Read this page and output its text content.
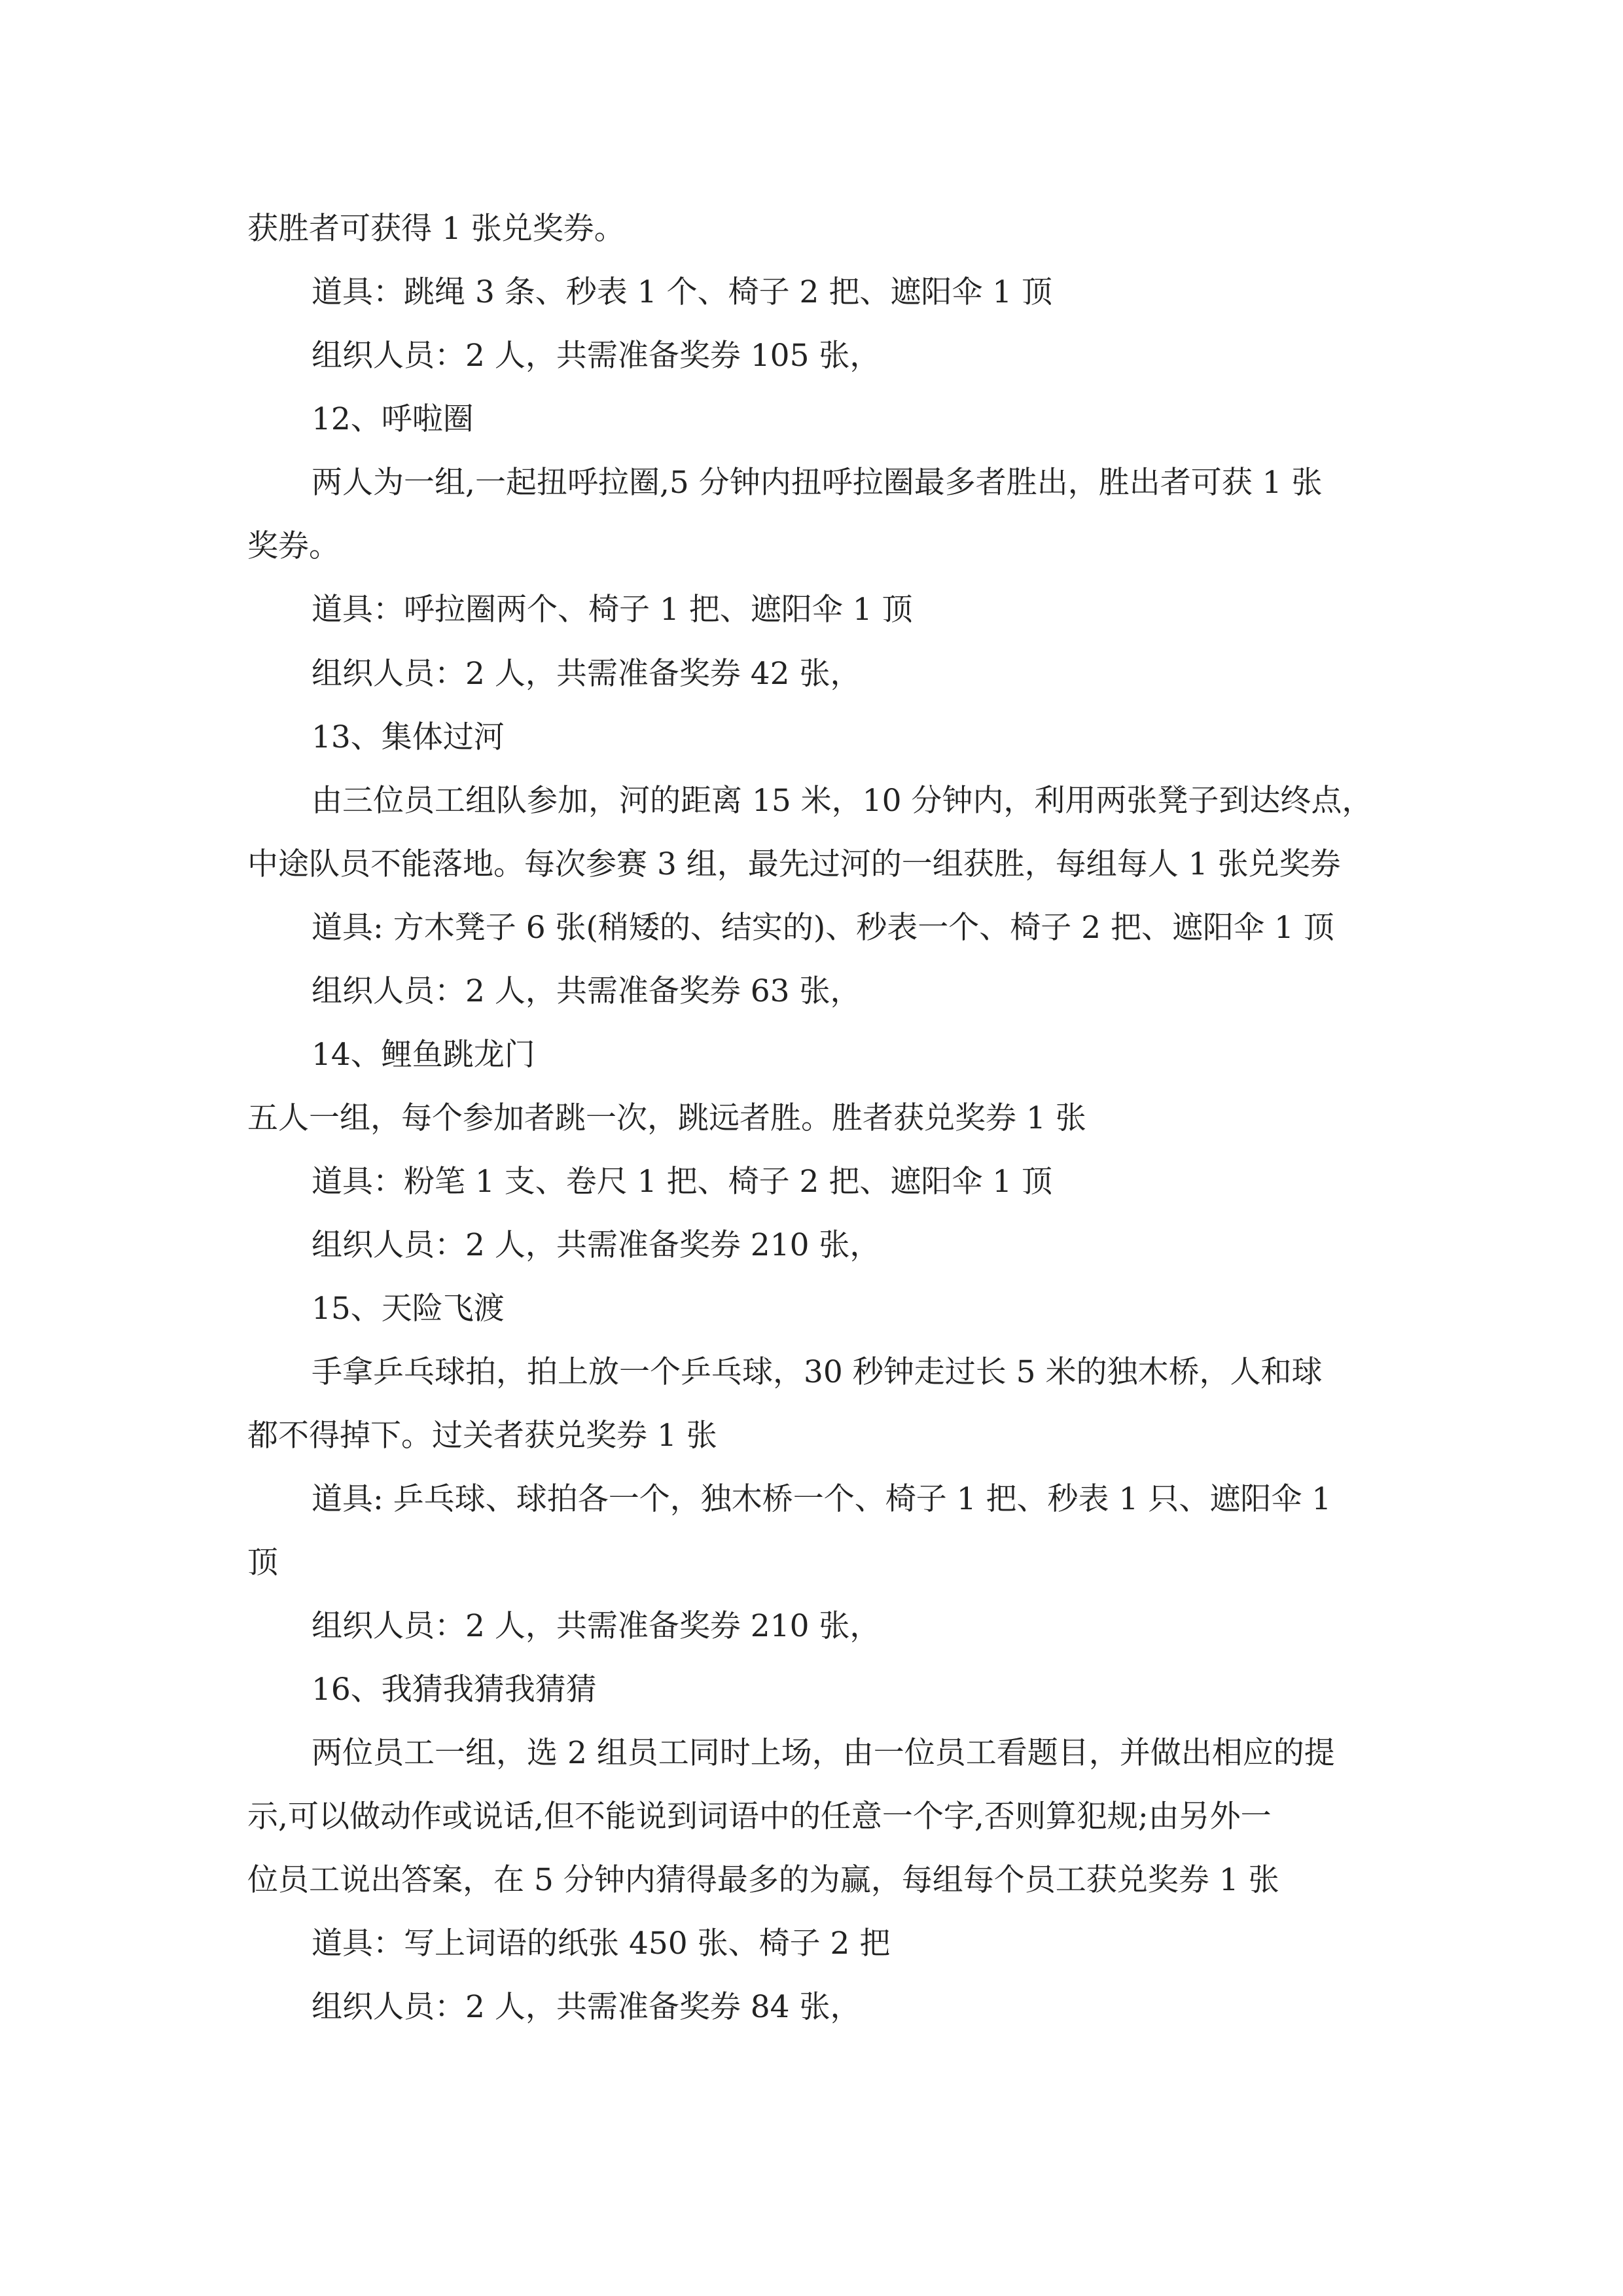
获胜者可获得 1 张兑奖券。

道具：跳绳 3 条、秒表 1 个、椅子 2 把、遮阳伞 1 顶

组织人员：2 人，共需准备奖券 105 张，

12、呼啦圈

两人为一组,一起扭呼拉圈,5 分钟内扭呼拉圈最多者胜出，胜出者可获 1 张

奖券。

道具：呼拉圈两个、椅子 1 把、遮阳伞 1 顶

组织人员：2 人，共需准备奖券 42 张，

13、集体过河

由三位员工组队参加，河的距离 15 米，10 分钟内，利用两张凳子到达终点，

中途队员不能落地。每次参赛 3 组，最先过河的一组获胜，每组每人 1 张兑奖券

道具: 方木凳子 6 张(稍矮的、结实的)、秒表一个、椅子 2 把、遮阳伞 1 顶

组织人员：2 人，共需准备奖券 63 张，

14、鲤鱼跳龙门

五人一组，每个参加者跳一次，跳远者胜。胜者获兑奖券 1 张

道具：粉笔 1 支、卷尺 1 把、椅子 2 把、遮阳伞 1 顶

组织人员：2 人，共需准备奖券 210 张，

15、天险飞渡

手拿乒乓球拍，拍上放一个乒乓球，30 秒钟走过长 5 米的独木桥，人和球

都不得掉下。过关者获兑奖券 1 张

道具: 乒乓球、球拍各一个，独木桥一个、椅子 1 把、秒表 1 只、遮阳伞 1

顶

组织人员：2 人，共需准备奖券 210 张，

16、我猜我猜我猜猜

两位员工一组，选 2 组员工同时上场，由一位员工看题目，并做出相应的提

示,可以做动作或说话,但不能说到词语中的任意一个字,否则算犯规;由另外一

位员工说出答案，在 5 分钟内猜得最多的为赢，每组每个员工获兑奖券 1 张

道具：写上词语的纸张 450 张、椅子 2 把

组织人员：2 人，共需准备奖券 84 张，
